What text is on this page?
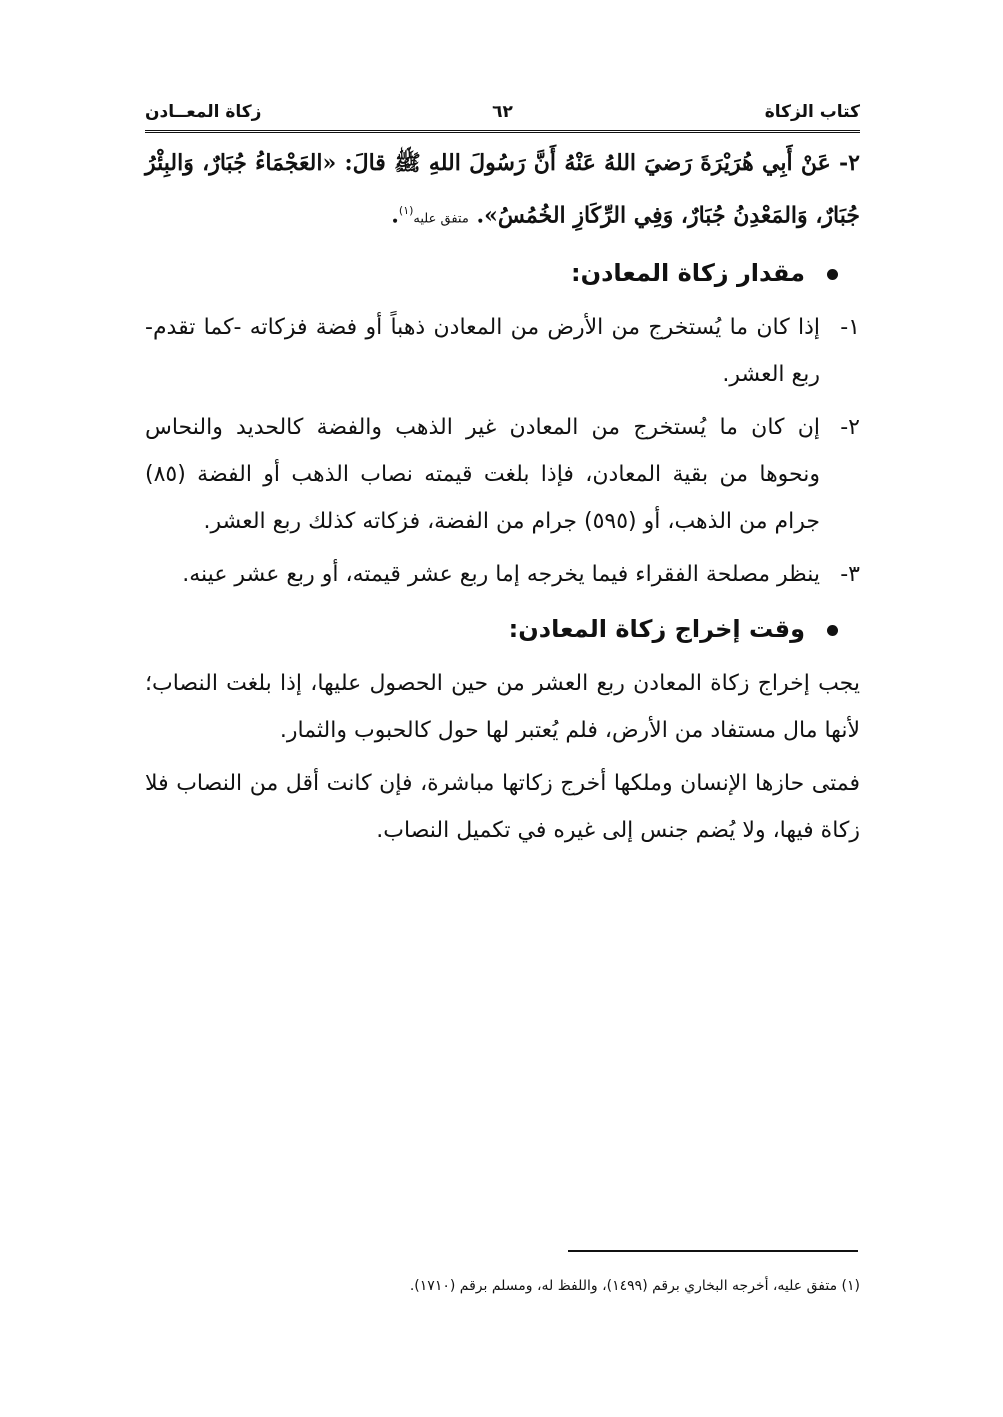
كتاب الزكاة
٦٢
زكاة المعــادن

٢- عَنْ أَبِي هُرَيْرَةَ رَضيَ اللهُ عَنْهُ أَنَّ رَسُولَ اللهِ ﷺ قالَ: «العَجْمَاءُ جُبَارٌ، وَالبِئْرُ جُبَارٌ، وَالمَعْدِنُ جُبَارٌ، وَفِي الرِّكَازِ الخُمُسُ». متفق عليه$^{(١)}$.

مقدار زكاة المعادن:

١-إذا كان ما يُستخرج من الأرض من المعادن ذهباً أو فضة فزكاته -كما تقدم- ربع العشر.

٢-إن كان ما يُستخرج من المعادن غير الذهب والفضة كالحديد والنحاس ونحوها من بقية المعادن، فإذا بلغت قيمته نصاب الذهب أو الفضة (٨٥) جرام من الذهب، أو (٥٩٥) جرام من الفضة، فزكاته كذلك ربع العشر.

٣-ينظر مصلحة الفقراء فيما يخرجه إما ربع عشر قيمته، أو ربع عشر عينه.

وقت إخراج زكاة المعادن:

يجب إخراج زكاة المعادن ربع العشر من حين الحصول عليها، إذا بلغت النصاب؛ لأنها مال مستفاد من الأرض، فلم يُعتبر لها حول كالحبوب والثمار.

فمتى حازها الإنسان وملكها أخرج زكاتها مباشرة، فإن كانت أقل من النصاب فلا زكاة فيها، ولا يُضم جنس إلى غيره في تكميل النصاب.

(١) متفق عليه، أخرجه البخاري برقم (١٤٩٩)، واللفظ له، ومسلم برقم (١٧١٠).
